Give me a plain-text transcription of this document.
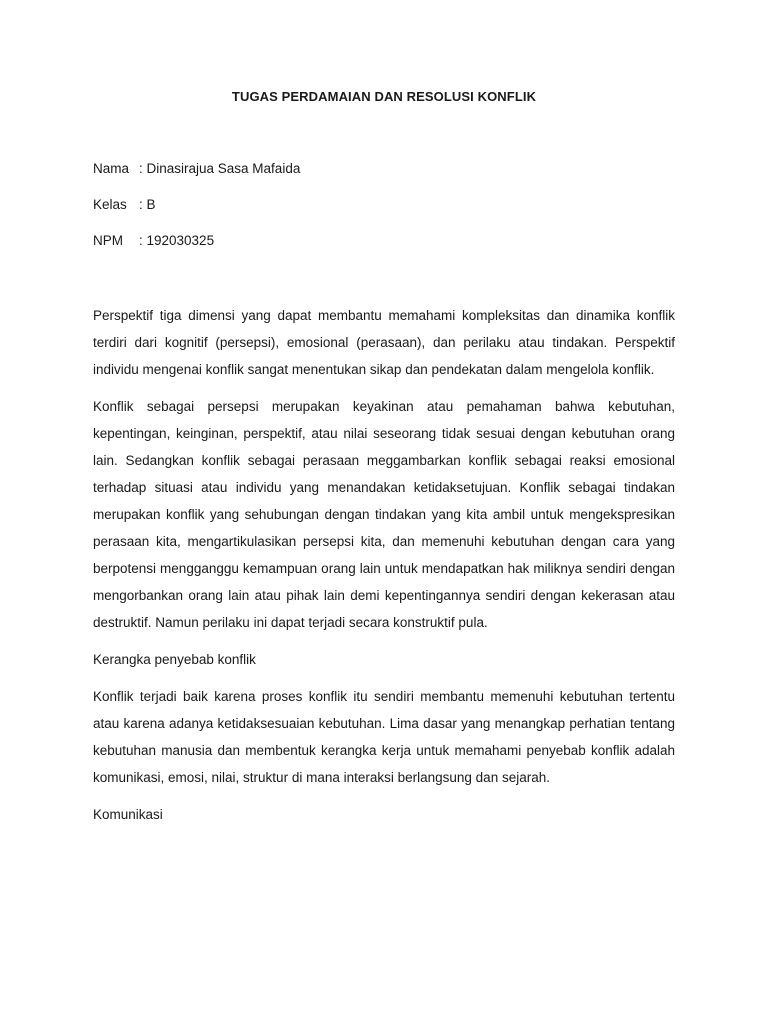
TUGAS PERDAMAIAN DAN RESOLUSI KONFLIK
Nama : Dinasirajua Sasa Mafaida
Kelas : B
NPM : 192030325

Perspektif tiga dimensi yang dapat membantu memahami kompleksitas dan dinamika konflik terdiri dari kognitif (persepsi), emosional (perasaan), dan perilaku atau tindakan. Perspektif individu mengenai konflik sangat menentukan sikap dan pendekatan dalam mengelola konflik.

Konflik sebagai persepsi merupakan keyakinan atau pemahaman bahwa kebutuhan, kepentingan, keinginan, perspektif, atau nilai seseorang tidak sesuai dengan kebutuhan orang lain. Sedangkan konflik sebagai perasaan meggambarkan konflik sebagai reaksi emosional terhadap situasi atau individu yang menandakan ketidaksetujuan. Konflik sebagai tindakan merupakan konflik yang sehubungan dengan tindakan yang kita ambil untuk mengekspresikan perasaan kita, mengartikulasikan persepsi kita, dan memenuhi kebutuhan dengan cara yang berpotensi mengganggu kemampuan orang lain untuk mendapatkan hak miliknya sendiri dengan mengorbankan orang lain atau pihak lain demi kepentingannya sendiri dengan kekerasan atau destruktif. Namun perilaku ini dapat terjadi secara konstruktif pula.

Kerangka penyebab konflik

Konflik terjadi baik karena proses konflik itu sendiri membantu memenuhi kebutuhan tertentu atau karena adanya ketidaksesuaian kebutuhan. Lima dasar yang menangkap perhatian tentang kebutuhan manusia dan membentuk kerangka kerja untuk memahami penyebab konflik adalah komunikasi, emosi, nilai, struktur di mana interaksi berlangsung dan sejarah.

Komunikasi
